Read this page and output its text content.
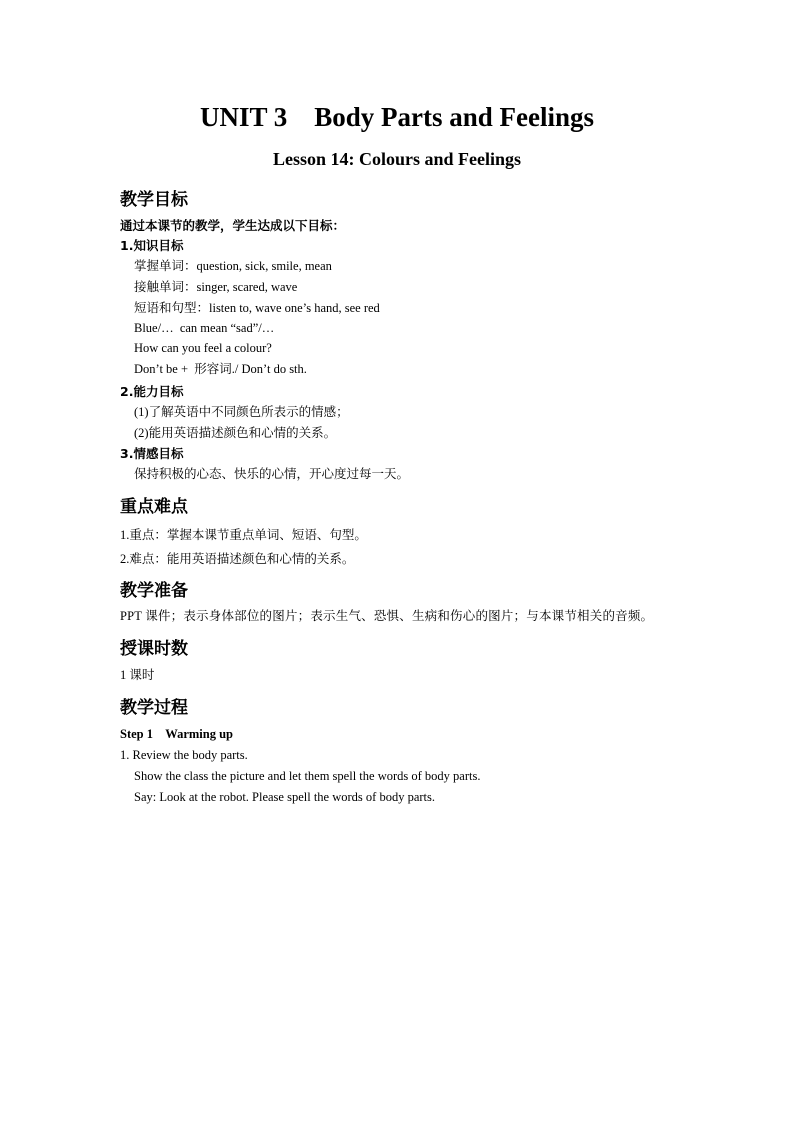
UNIT 3    Body Parts and Feelings
Lesson 14: Colours and Feelings

教学目标

通过本课节的教学，学生达成以下目标：

1.知识目标

掌握单词：question, sick, smile, mean

接触单词：singer, scared, wave

短语和句型：listen to, wave one’s hand, see red

Blue/…  can mean “sad”/…

How can you feel a colour?

Don’t be +  形容词./ Don’t do sth.

2.能力目标

(1)了解英语中不同颜色所表示的情感；

(2)能用英语描述颜色和心情的关系。

3.情感目标

保持积极的心态、快乐的心情，开心度过每一天。

重点难点

1.重点：掌握本课节重点单词、短语、句型。

2.难点：能用英语描述颜色和心情的关系。

教学准备

PPT 课件；表示身体部位的图片；表示生气、恐惧、生病和伤心的图片；与本课节相关的音频。

授课时数

1 课时

教学过程

Step 1    Warming up

1. Review the body parts.

Show the class the picture and let them spell the words of body parts.

Say: Look at the robot. Please spell the words of body parts.
